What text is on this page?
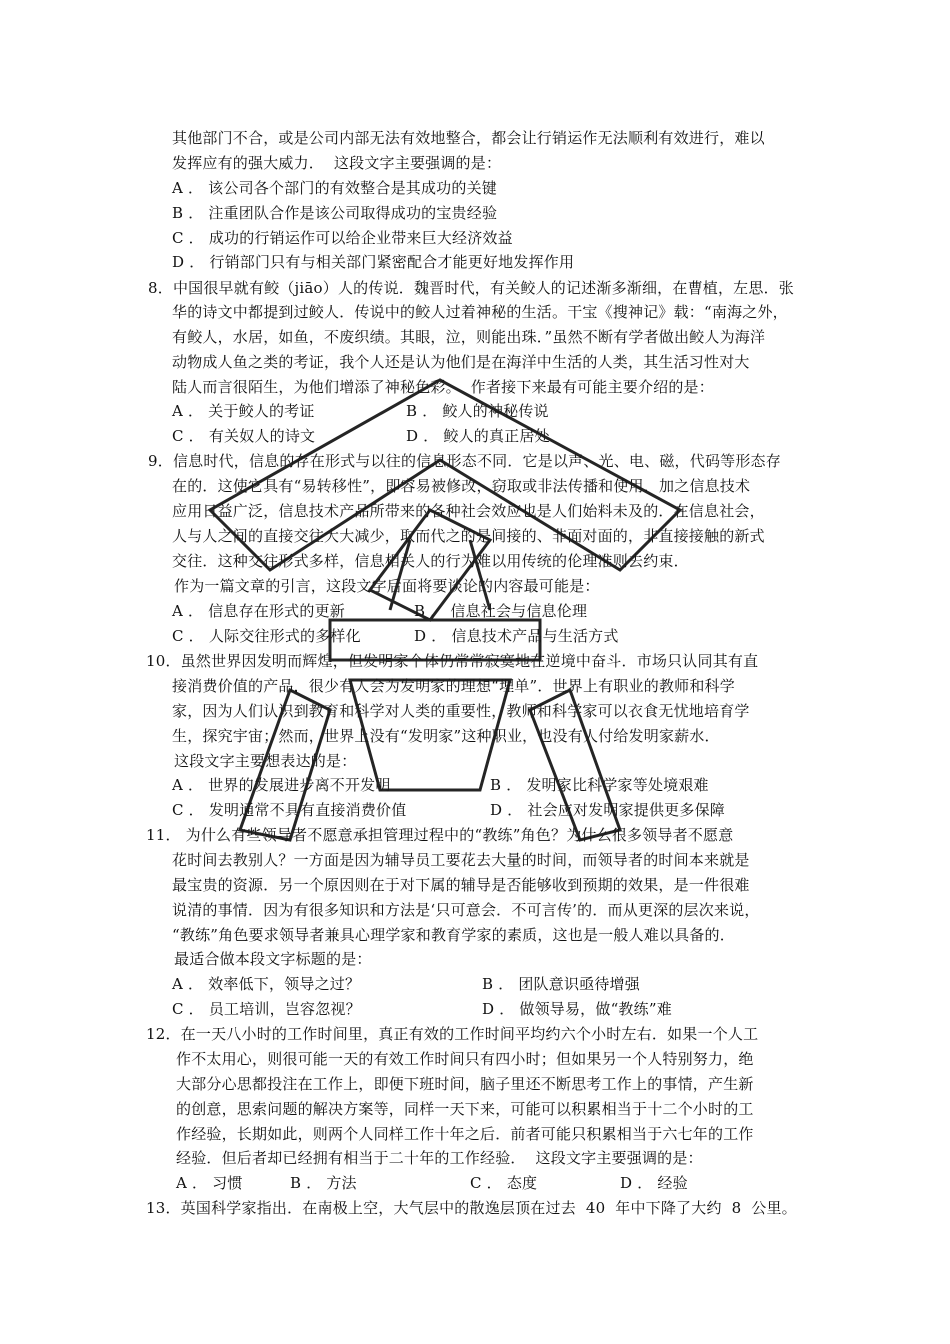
其他部门不合，或是公司内部无法有效地整合，都会让行销运作无法顺利有效进行，难以
发挥应有的强大威力．  这段文字主要强调的是：
A ． 该公司各个部门的有效整合是其成功的关键
B ． 注重团队合作是该公司取得成功的宝贵经验
C ． 成功的行销运作可以给企业带来巨大经济效益
D ． 行销部门只有与相关部门紧密配合才能更好地发挥作用
8．中国很早就有鲛（jiāo）人的传说．魏晋时代，有关鲛人的记述渐多渐细，在曹植，左思．张
华的诗文中都提到过鲛人．传说中的鲛人过着神秘的生活。干宝《搜神记》载：“南海之外，
有鲛人，水居，如鱼，不废织绩。其眼，泣，则能出珠．”虽然不断有学者做出鲛人为海洋
动物成人鱼之类的考证，我个人还是认为他们是在海洋中生活的人类，其生活习性对大
陆人而言很陌生，为他们增添了神秘色彩。  作者接下来最有可能主要介绍的是：
A ． 关于鲛人的考证	B ． 鲛人的神秘传说
C ． 有关奴人的诗文	D ． 鲛人的真正居处
9．信息时代，信息的存在形式与以往的信息形态不同．它是以声、光、电、磁，代码等形态存
在的．这使它具有“易转移性”，即容易被修改，窃取或非法传播和使用．加之信息技术
应用日益广泛，信息技术产品所带来的各种社会效应也是人们始料未及的．在信息社会，
人与人之间的直接交往大大减少，取而代之的是间接的、非面对面的，非直接接触的新式
交往．这种交往形式多样，信息相关人的行为难以用传统的伦理准则去约束．
作为一篇文章的引言，这段文字后面将要谈论的内容最可能是：
A ． 信息存在形式的更新	B ． 信息社会与信息伦理
C ． 人际交往形式的多样化	D ． 信息技术产品与生活方式
10．虽然世界因发明而辉煌，但发明家个体仍常常寂寞地在逆境中奋斗．市场只认同其有直
接消费价值的产品，很少有人会为发明家的理想“埋单”．世界上有职业的教师和科学
家，因为人们认识到教育和科学对人类的重要性，教师和科学家可以衣食无忧地培育学
生，探究宇宙；然而，世界上没有“发明家”这种职业，也没有人付给发明家薪水．
这段文字主要想表达的是：
A ． 世界的发展进步离不开发明	B ． 发明家比科学家等处境艰难
C ． 发明通常不具有直接消费价值	D ． 社会应对发明家提供更多保障
11． 为什么有些领导者不愿意承担管理过程中的“教练”角色？为什么很多领导者不愿意
花时间去教别人？一方面是因为辅导员工要花去大量的时间，而领导者的时间本来就是
最宝贵的资源．另一个原因则在于对下属的辅导是否能够收到预期的效果，是一件很难
说清的事情．因为有很多知识和方法是‘只可意会．不可言传’的．而从更深的层次来说，
“教练”角色要求领导者兼具心理学家和教育学家的素质，这也是一般人难以具备的．
最适合做本段文字标题的是：
A ． 效率低下，领导之过？	B ． 团队意识亟待增强
C ． 员工培训，岂容忽视？	D ． 做领导易，做“教练”难
12．在一天八小时的工作时间里，真正有效的工作时间平均约六个小时左右．如果一个人工
作不太用心，则很可能一天的有效工作时间只有四小时；但如果另一个人特别努力，绝
大部分心思都投注在工作上，即便下班时间，脑子里还不断思考工作上的事情，产生新
的创意，思索问题的解决方案等，同样一天下来，可能可以积累相当于十二个小时的工
作经验，长期如此，则两个人同样工作十年之后．前者可能只积累相当于六七年的工作
经验．但后者却已经拥有相当于二十年的工作经验．  这段文字主要强调的是：
A ． 习惯	B ． 方法	C ． 态度	D ． 经验
13．英国科学家指出．在南极上空，大气层中的散逸层顶在过去  40  年中下降了大约  8  公里。
